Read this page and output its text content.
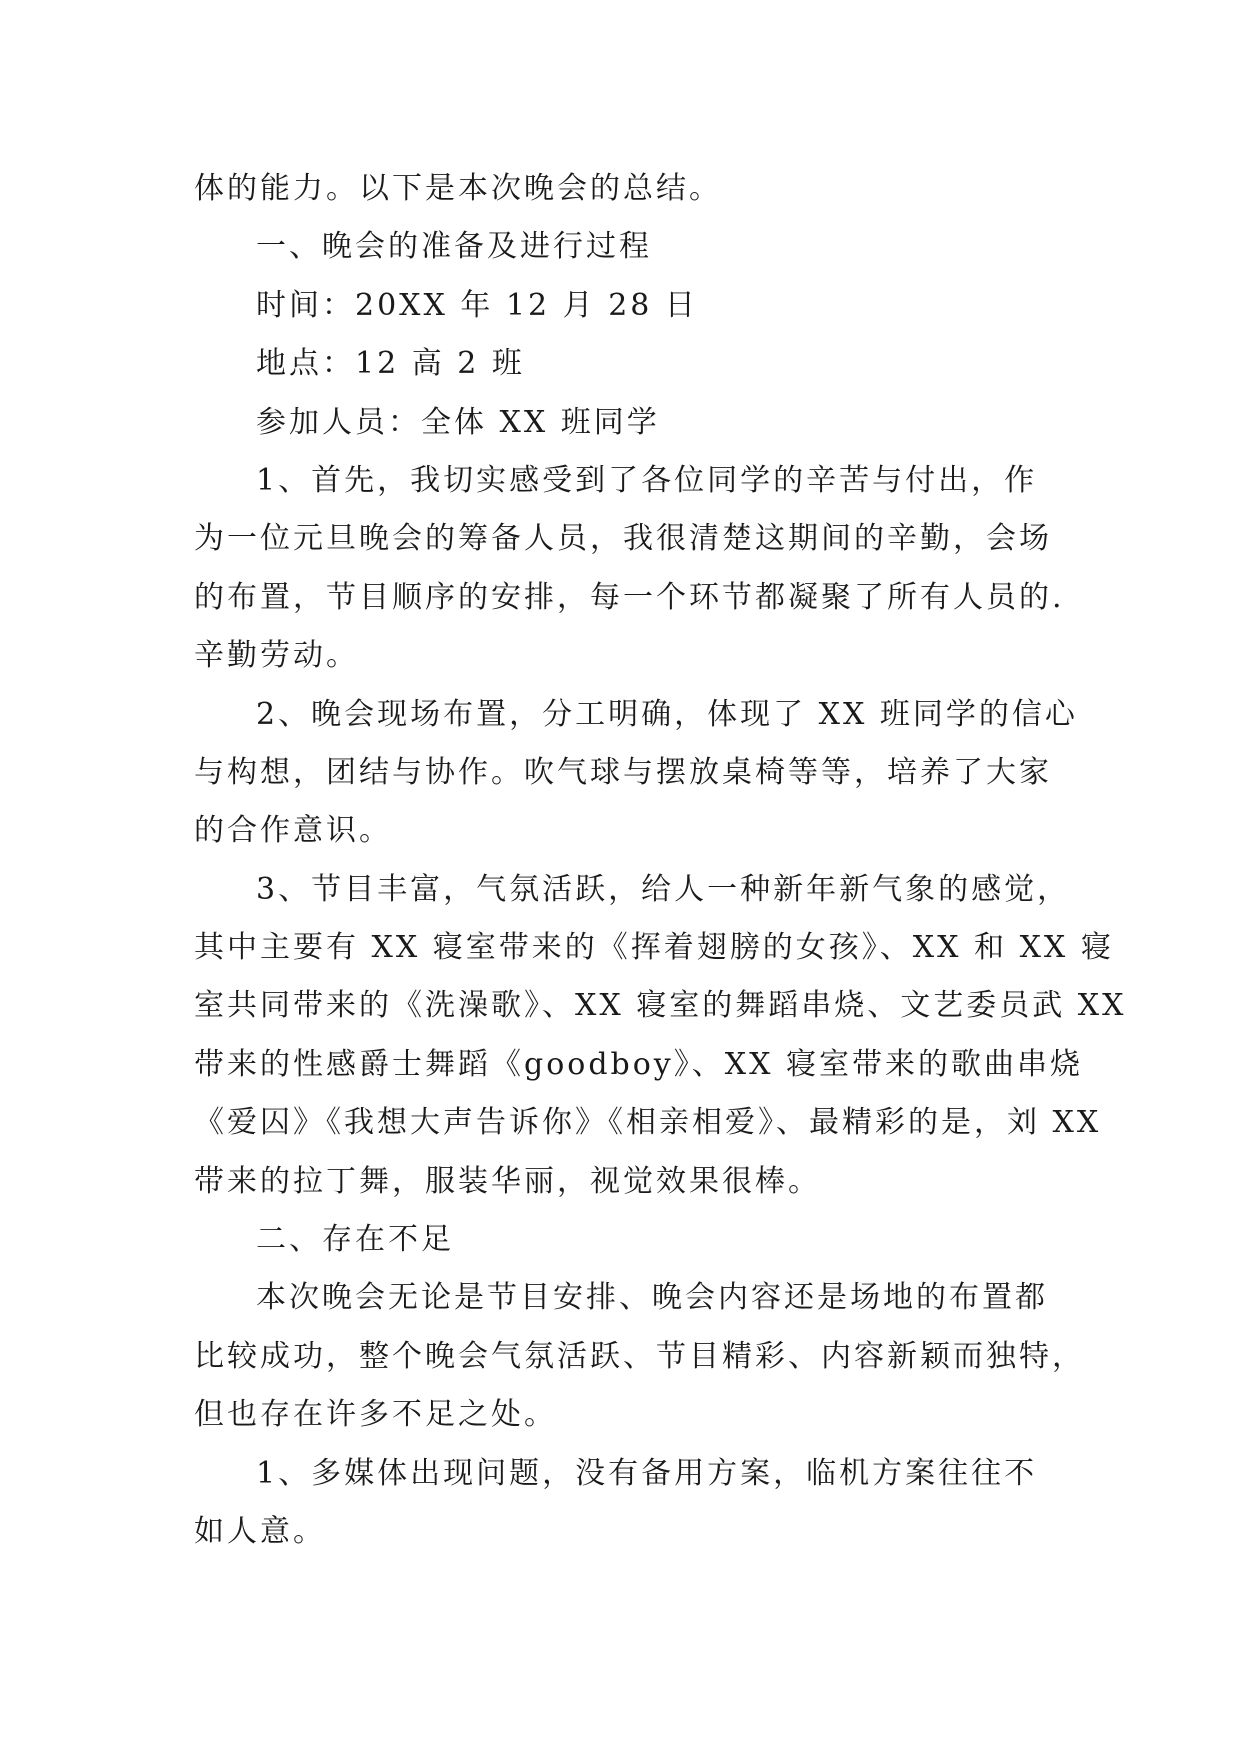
体的能力。以下是本次晚会的总结。
一、晚会的准备及进行过程
时间：20XX 年 12 月 28 日
地点：12 高 2 班
参加人员：全体 XX 班同学
1、首先，我切实感受到了各位同学的辛苦与付出，作
为一位元旦晚会的筹备人员，我很清楚这期间的辛勤，会场
的布置，节目顺序的安排，每一个环节都凝聚了所有人员的.
辛勤劳动。
2、晚会现场布置，分工明确，体现了 XX 班同学的信心
与构想，团结与协作。吹气球与摆放桌椅等等，培养了大家
的合作意识。
3、节目丰富，气氛活跃，给人一种新年新气象的感觉，
其中主要有 XX 寝室带来的《挥着翅膀的女孩》、XX 和 XX 寝
室共同带来的《洗澡歌》、XX 寝室的舞蹈串烧、文艺委员武 XX
带来的性感爵士舞蹈《goodboy》、XX 寝室带来的歌曲串烧
《爱囚》《我想大声告诉你》《相亲相爱》、最精彩的是，刘 XX
带来的拉丁舞，服装华丽，视觉效果很棒。
二、存在不足
本次晚会无论是节目安排、晚会内容还是场地的布置都
比较成功，整个晚会气氛活跃、节目精彩、内容新颖而独特，
但也存在许多不足之处。
1、多媒体出现问题，没有备用方案，临机方案往往不
如人意。
